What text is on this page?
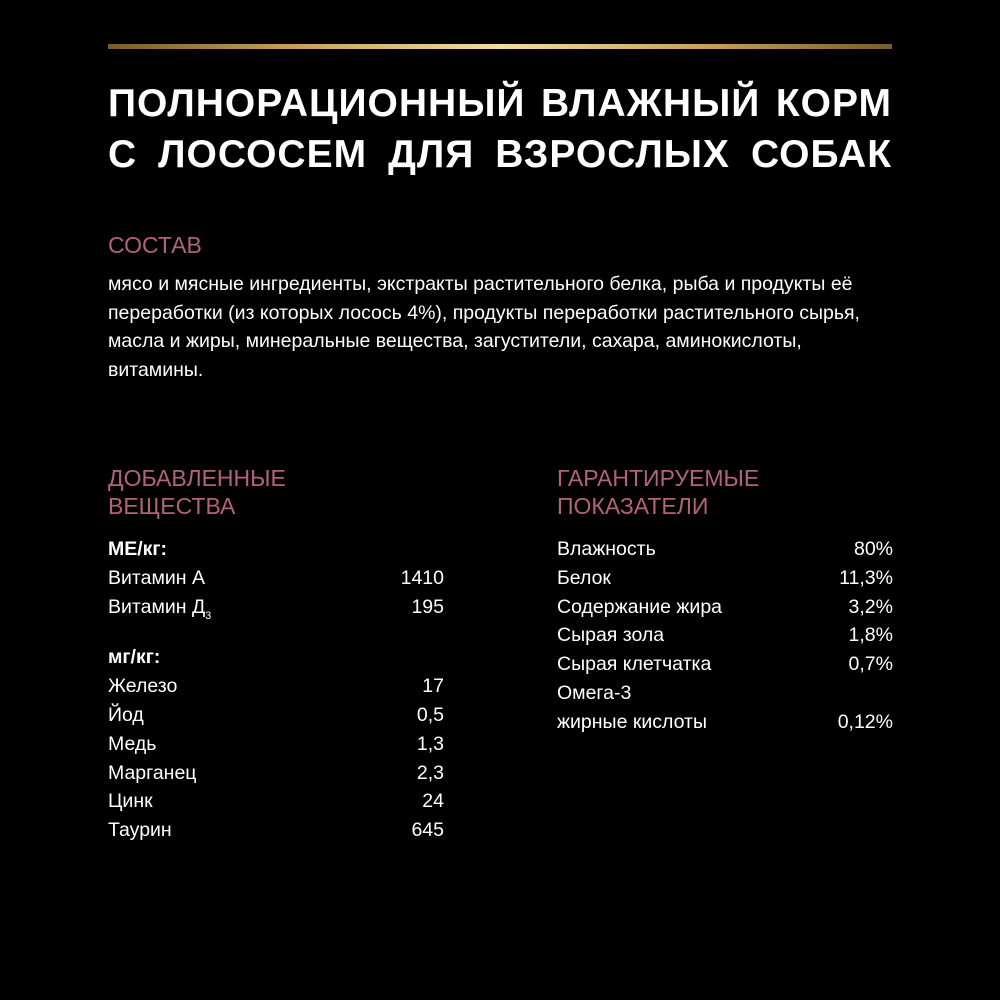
ПОЛНОРАЦИОННЫЙ ВЛАЖНЫЙ КОРМ
С ЛОСОСЕМ ДЛЯ ВЗРОСЛЫХ СОБАК
СОСТАВ

мясо и мясные ингредиенты, экстракты растительного белка, рыба и продукты её переработки (из которых лосось 4%), продукты переработки растительного сырья, масла и жиры, минеральные вещества, загустители, сахара, аминокислоты, витамины.

ДОБАВЛЕННЫЕ
ВЕЩЕСТВА
ГАРАНТИРУЕМЫЕ
ПОКАЗАТЕЛИ
МЕ/кг:
Витамин А	1410
Витамин $Д_3$	195
мг/кг:
Железо	17
Йод	0,5
Медь	1,3
Марганец	2,3
Цинк	24
Таурин	645
Влажность	80%
Белок	11,3%
Содержание жира	3,2%
Сырая зола	1,8%
Сырая клетчатка	0,7%
Омега-3
жирные кислоты	0,12%
